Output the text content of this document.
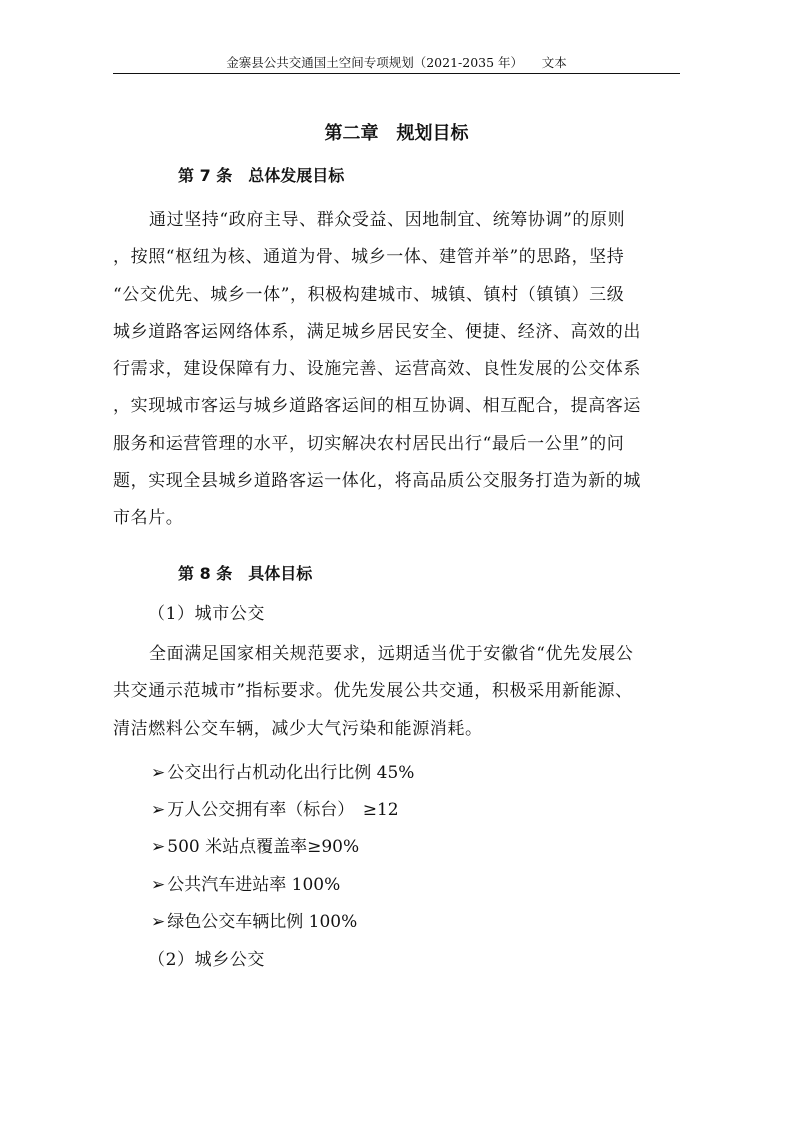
金寨县公共交通国土空间专项规划（2021-2035 年）　　文本
第二章　规划目标
第 7 条　总体发展目标

通过坚持“政府主导、群众受益、因地制宜、统筹协调”的原则

，按照“枢纽为核、通道为骨、城乡一体、建管并举”的思路，坚持

“公交优先、城乡一体”，积极构建城市、城镇、镇村（镇镇）三级

城乡道路客运网络体系，满足城乡居民安全、便捷、经济、高效的出

行需求，建设保障有力、设施完善、运营高效、良性发展的公交体系

，实现城市客运与城乡道路客运间的相互协调、相互配合，提高客运

服务和运营管理的水平，切实解决农村居民出行“最后一公里”的问

题，实现全县城乡道路客运一体化，将高品质公交服务打造为新的城

市名片。

第 8 条　具体目标
（1）城市公交

全面满足国家相关规范要求，远期适当优于安徽省“优先发展公

共交通示范城市”指标要求。优先发展公共交通，积极采用新能源、

清洁燃料公交车辆，减少大气污染和能源消耗。

➢ 公交出行占机动化出行比例 45%
➢ 万人公交拥有率（标台）　≥12
➢ 500 米站点覆盖率≥90%
➢ 公共汽车进站率 100%
➢ 绿色公交车辆比例 100%
（2）城乡公交
